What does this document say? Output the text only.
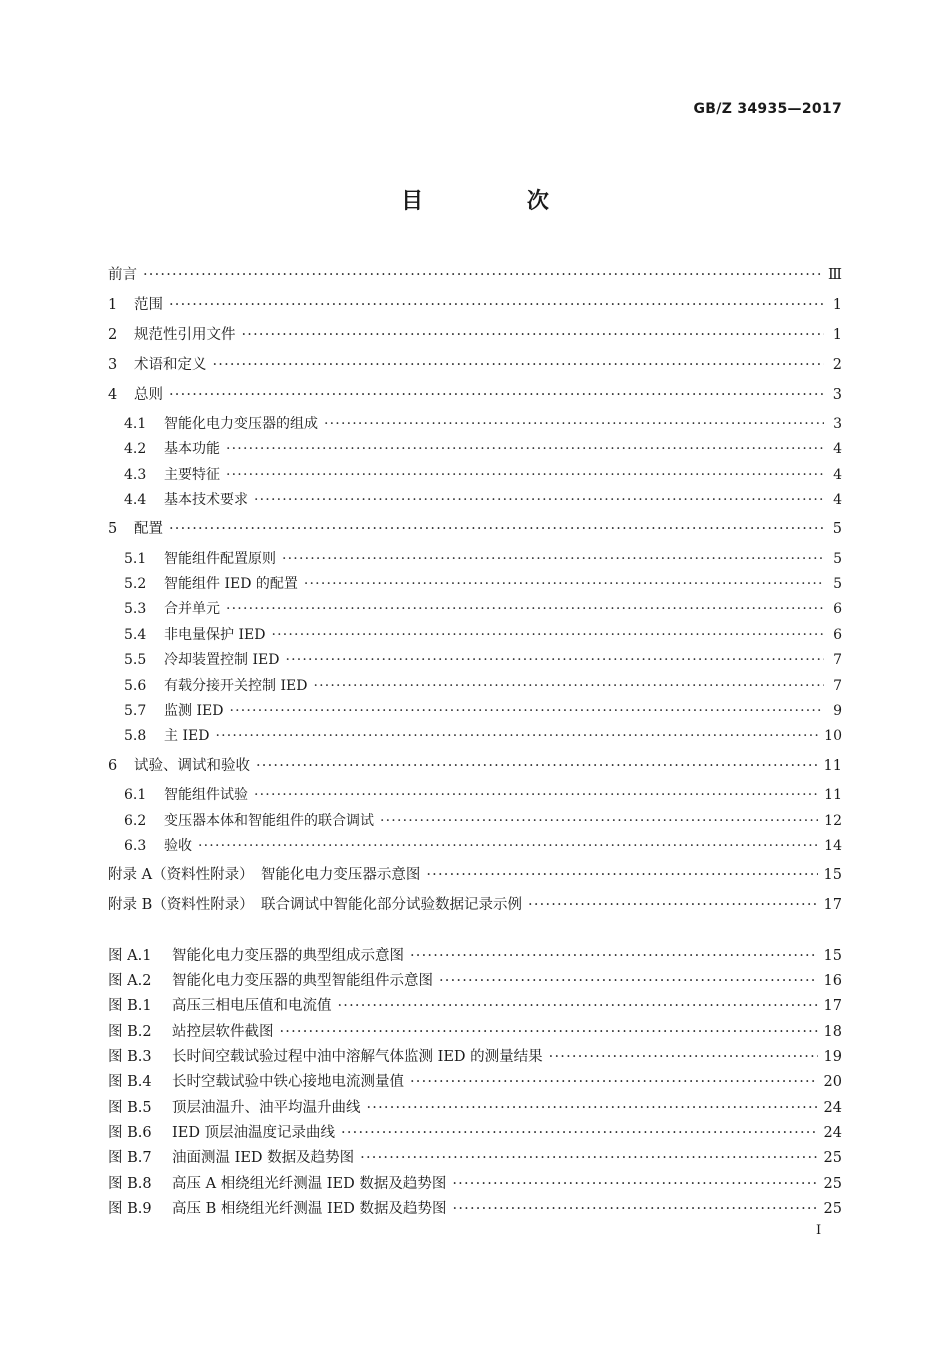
GB/Z 34935—2017
目 次
前言 ·····	Ⅲ
1	范围 ·····	1
2	规范性引用文件 ·····	1
3	术语和定义 ·····	2
4	总则 ·····	3
4.1	智能化电力变压器的组成 ·····	3
4.2	基本功能 ·····	4
4.3	主要特征 ·····	4
4.4	基本技术要求 ·····	4
5	配置 ·····	5
5.1	智能组件配置原则 ·····	5
5.2	智能组件 IED 的配置 ·····	5
5.3	合并单元 ·····	6
5.4	非电量保护 IED ·····	6
5.5	冷却装置控制 IED ·····	7
5.6	有载分接开关控制 IED ·····	7
5.7	监测 IED ·····	9
5.8	主 IED ·····	10
6	试验、调试和验收 ·····	11
6.1	智能组件试验 ·····	11
6.2	变压器本体和智能组件的联合调试 ·····	12
6.3	验收 ·····	14
附录 A （资料性附录）　智能化电力变压器示意图 ·····	15
附录 B （资料性附录）　联合调试中智能化部分试验数据记录示例 ·····	17
图 A.1	智能化电力变压器的典型组成示意图 ·····	15
图 A.2	智能化电力变压器的典型智能组件示意图 ·····	16
图 B.1	高压三相电压值和电流值 ·····	17
图 B.2	站控层软件截图 ·····	18
图 B.3	长时间空载试验过程中油中溶解气体监测 IED 的测量结果 ·····	19
图 B.4	长时空载试验中铁心接地电流测量值 ·····	20
图 B.5	顶层油温升、油平均温升曲线 ·····	24
图 B.6	IED 顶层油温度记录曲线 ·····	24
图 B.7	油面测温 IED 数据及趋势图 ·····	25
图 B.8	高压 A 相绕组光纤测温 IED 数据及趋势图 ·····	25
图 B.9	高压 B 相绕组光纤测温 IED 数据及趋势图 ·····	25
Ⅰ
